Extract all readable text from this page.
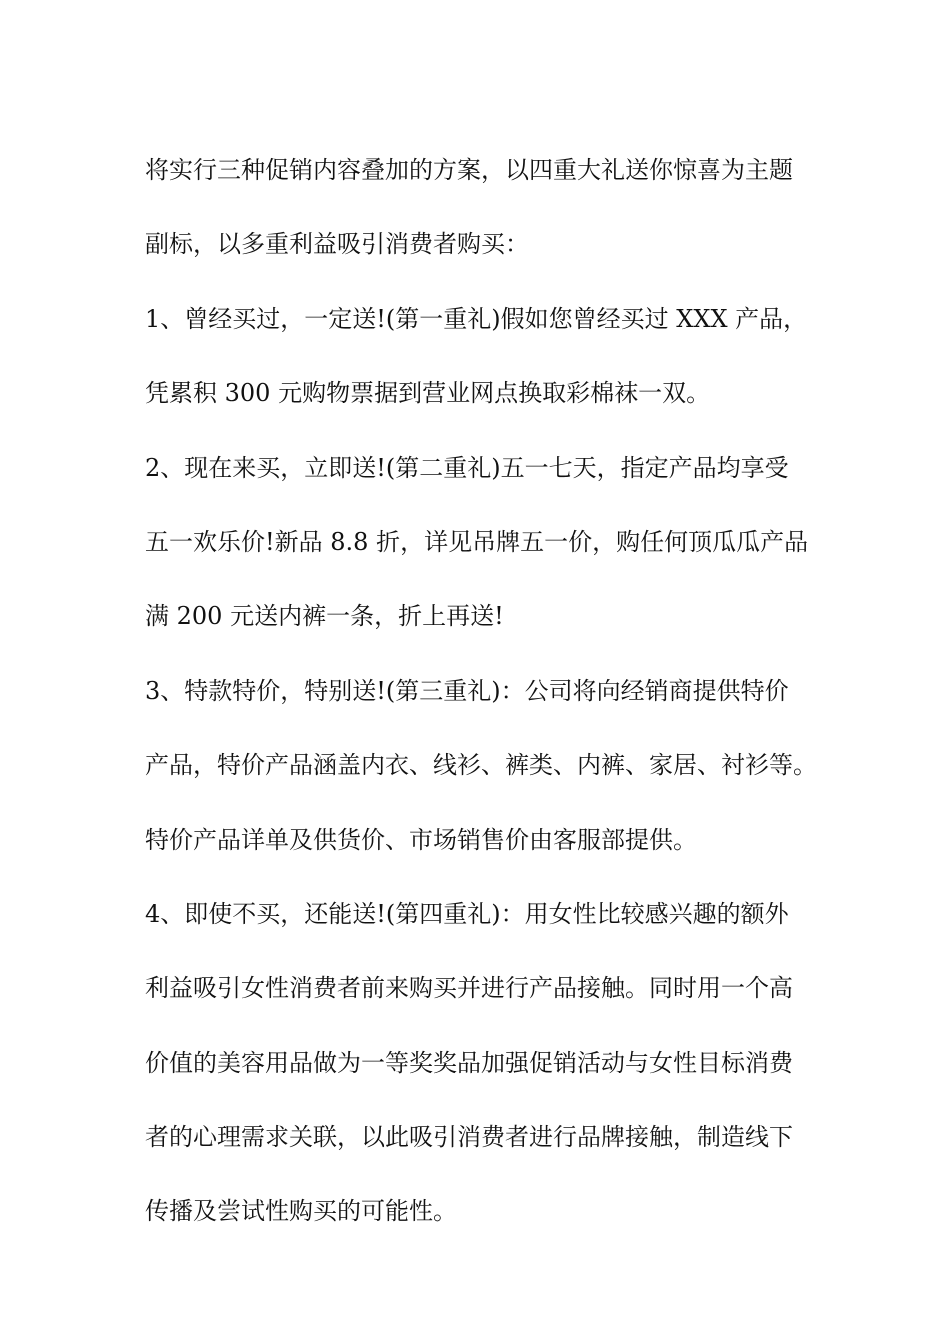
将实行三种促销内容叠加的方案，以四重大礼送你惊喜为主题
副标，以多重利益吸引消费者购买：
1、曾经买过，一定送!(第一重礼)假如您曾经买过 XXX 产品，
凭累积 300 元购物票据到营业网点换取彩棉袜一双。
2、现在来买，立即送!(第二重礼)五一七天，指定产品均享受
五一欢乐价!新品 8.8 折，详见吊牌五一价，购任何顶瓜瓜产品
满 200 元送内裤一条，折上再送!
3、特款特价，特别送!(第三重礼)：公司将向经销商提供特价
产品，特价产品涵盖内衣、线衫、裤类、内裤、家居、衬衫等。
特价产品详单及供货价、市场销售价由客服部提供。
4、即使不买，还能送!(第四重礼)：用女性比较感兴趣的额外
利益吸引女性消费者前来购买并进行产品接触。同时用一个高
价值的美容用品做为一等奖奖品加强促销活动与女性目标消费
者的心理需求关联，以此吸引消费者进行品牌接触，制造线下
传播及尝试性购买的可能性。
